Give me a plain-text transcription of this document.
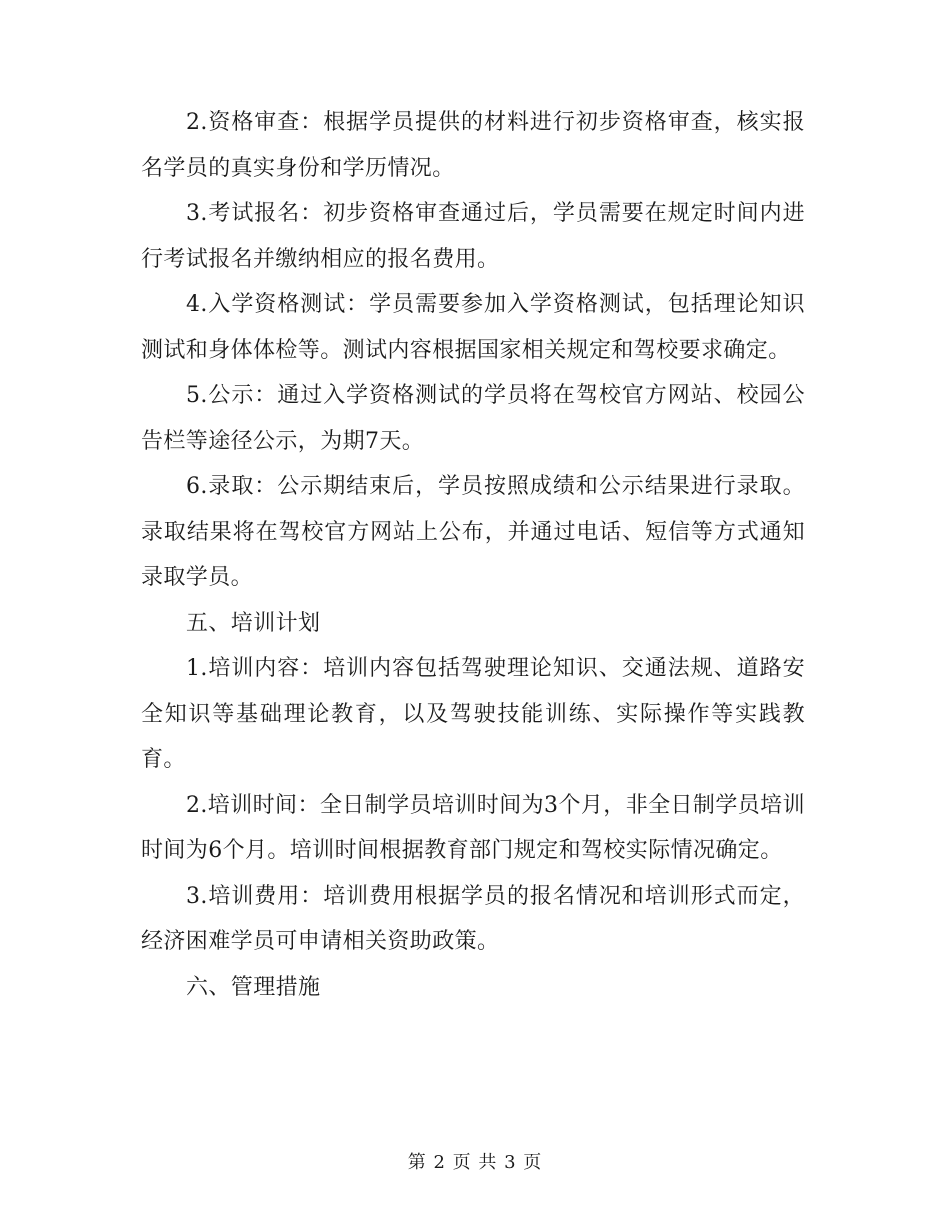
2.资格审查：根据学员提供的材料进行初步资格审查，核实报名学员的真实身份和学历情况。

3.考试报名：初步资格审查通过后，学员需要在规定时间内进行考试报名并缴纳相应的报名费用。

4.入学资格测试：学员需要参加入学资格测试，包括理论知识测试和身体体检等。测试内容根据国家相关规定和驾校要求确定。

5.公示：通过入学资格测试的学员将在驾校官方网站、校园公告栏等途径公示，为期7天。

6.录取：公示期结束后，学员按照成绩和公示结果进行录取。录取结果将在驾校官方网站上公布，并通过电话、短信等方式通知录取学员。

五、培训计划

1.培训内容：培训内容包括驾驶理论知识、交通法规、道路安全知识等基础理论教育，以及驾驶技能训练、实际操作等实践教育。

2.培训时间：全日制学员培训时间为3个月，非全日制学员培训时间为6个月。培训时间根据教育部门规定和驾校实际情况确定。

3.培训费用：培训费用根据学员的报名情况和培训形式而定，经济困难学员可申请相关资助政策。

六、管理措施

第 2 页 共 3 页
